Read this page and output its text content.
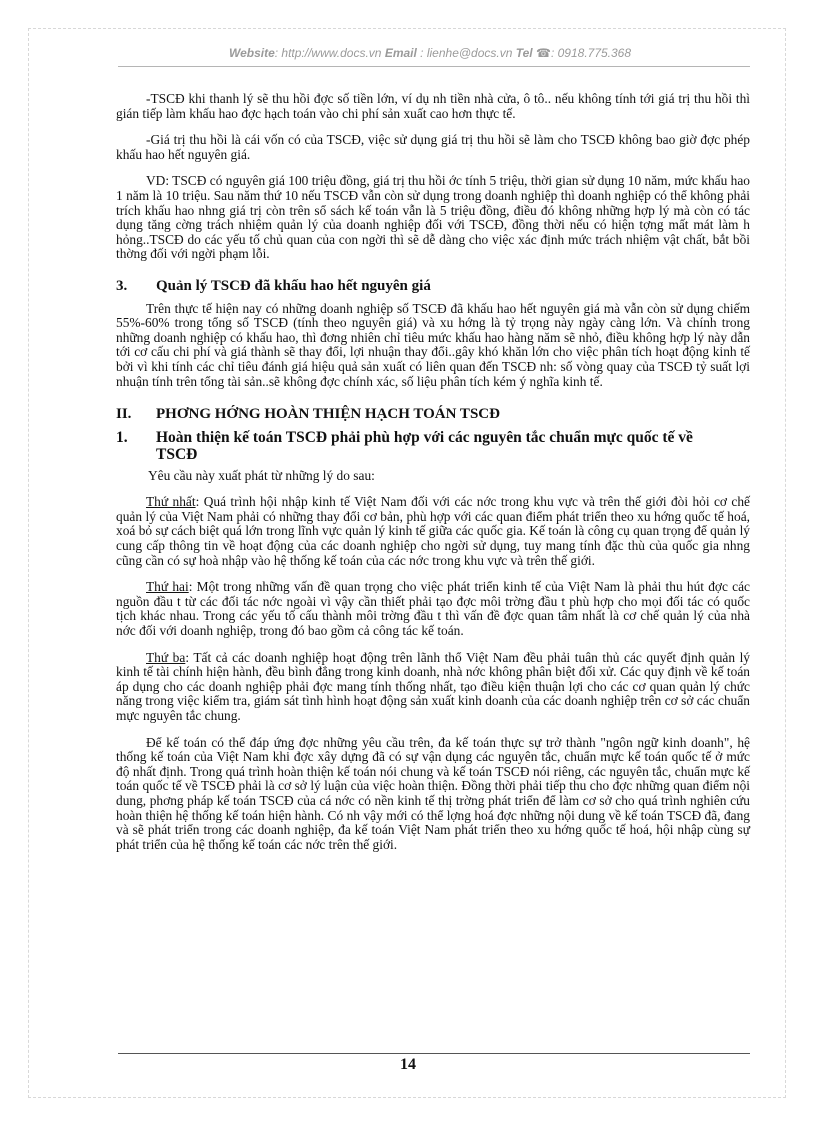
Website: http://www.docs.vn Email : lienhe@docs.vn Tel ☎: 0918.775.368

-TSCĐ khi thanh lý sẽ thu hồi đợc số tiền lớn, ví dụ nh tiền nhà cửa, ô tô.. nếu không tính tới giá trị thu hồi thì gián tiếp làm khấu hao đợc hạch toán vào chi phí sản xuất cao hơn thực tế.

-Giá trị thu hồi là cái vốn có của TSCĐ, việc sử dụng giá trị thu hồi sẽ làm cho TSCĐ không bao giờ đợc phép khấu hao hết nguyên giá.

VD: TSCĐ có nguyên giá 100 triệu đồng, giá trị thu hồi ớc tính 5 triệu, thời gian sử dụng 10 năm, mức khấu hao 1 năm là 10 triệu. Sau năm thứ 10 nếu TSCĐ vẫn còn sử dụng trong doanh nghiệp thì doanh nghiệp có thể không phải trích khấu hao nhng giá trị còn trên sổ sách kế toán vẫn là 5 triệu đồng, điều đó không những hợp lý mà còn có tác dụng tăng cờng trách nhiệm quản lý của doanh nghiệp đối với TSCĐ, đồng thời nếu có hiện tợng mất mát làm h hỏng..TSCĐ do các yếu tố chủ quan của con ngời thì sẽ dễ dàng cho việc xác định mức trách nhiệm vật chất, bắt bồi thờng đối với ngời phạm lỗi.

3.	Quản lý TSCĐ đã khấu hao hết nguyên giá

Trên thực tế hiện nay có những doanh nghiệp số TSCĐ đã khấu hao hết nguyên giá mà vẫn còn sử dụng chiếm 55%-60% trong tổng số TSCĐ (tính theo nguyên giá) và xu hớng là tỷ trọng này ngày càng lớn. Và chính trong những doanh nghiệp có khấu hao, thì đơng nhiên chỉ tiêu mức khấu hao hàng năm sẽ nhỏ, điều không hợp lý này dẫn tới cơ cấu chi phí và giá thành sẽ thay đổi, lợi nhuận thay đổi..gây khó khăn lớn cho việc phân tích hoạt động kinh tế bởi vì khi tính các chỉ tiêu đánh giá hiệu quả sản xuất có liên quan đến TSCĐ nh: số vòng quay của TSCĐ tỷ suất lợi nhuận tính trên tổng tài sản..sẽ không đợc chính xác, số liệu phân tích kém ý nghĩa kinh tế.

II.	PHƠNG HỚNG HOÀN THIỆN HẠCH TOÁN TSCĐ
1.	Hoàn thiện kế toán TSCĐ phải phù hợp với các nguyên tắc chuẩn mực quốc tế về TSCĐ

Yêu cầu này xuất phát từ những lý do sau:

Thứ nhất: Quá trình hội nhập kinh tế Việt Nam đối với các nớc trong khu vực và trên thế giới đòi hỏi cơ chế quản lý của Việt Nam phải có những thay đổi cơ bản, phù hợp với các quan điểm phát triển theo xu hớng quốc tế hoá, xoá bỏ sự cách biệt quá lớn trong lĩnh vực quản lý kinh tế giữa các quốc gia. Kế toán là công cụ quan trọng để quản lý cung cấp thông tin về hoạt động của các doanh nghiệp cho ngời sử dụng, tuy mang tính đặc thù của quốc gia nhng cũng cần có sự hoà nhập vào hệ thống kế toán của các nớc trong khu vực và trên thế giới.

Thứ hai: Một trong những vấn đề quan trọng cho việc phát triển kinh tế của Việt Nam là phải thu hút đợc các nguồn đầu t từ các đối tác nớc ngoài vì vậy cần thiết phải tạo đợc môi trờng đầu t phù hợp cho mọi đối tác có quốc tịch khác nhau. Trong các yếu tố cấu thành môi trờng đầu t thì vấn đề đợc quan tâm nhất là cơ chế quản lý của nhà nớc đối với doanh nghiệp, trong đó bao gồm cả công tác kế toán.

Thứ ba: Tất cả các doanh nghiệp hoạt động trên lãnh thổ Việt Nam đều phải tuân thủ các quyết định quản lý kinh tế tài chính hiện hành, đều bình đẳng trong kinh doanh, nhà nớc không phân biệt đối xử. Các quy định về kế toán áp dụng cho các doanh nghiệp phải đợc mang tính thống nhất, tạo điều kiện thuận lợi cho các cơ quan quản lý chức năng trong việc kiểm tra, giám sát tình hình hoạt động sản xuất kinh doanh của các doanh nghiệp trên cơ sở các chuẩn mực nguyên tắc chung.

Để kế toán có thể đáp ứng đợc những yêu cầu trên, đa kế toán thực sự trở thành "ngôn ngữ kinh doanh", hệ thống kế toán của Việt Nam khi đợc xây dựng đã có sự vận dụng các nguyên tắc, chuẩn mực kế toán quốc tế ở mức độ nhất định. Trong quá trình hoàn thiện kế toán nói chung và kế toán TSCĐ nói riêng, các nguyên tắc, chuẩn mực kế toán quốc tế về TSCĐ phải là cơ sở lý luận của việc hoàn thiện. Đồng thời phải tiếp thu cho đợc những quan điểm nội dung, phơng pháp kế toán TSCĐ của cá nớc có nền kinh tế thị trờng phát triển để làm cơ sở cho quá trình nghiên cứu hoàn thiện hệ thống kế toán hiện hành. Có nh vậy mới có thể lợng hoá đợc những nội dung về kế toán TSCĐ đã, đang và sẽ phát triển trong các doanh nghiệp, đa kế toán Việt Nam phát triển theo xu hớng quốc tế hoá, hội nhập cùng sự phát triển của hệ thống kế toán các nớc trên thế giới.

14
